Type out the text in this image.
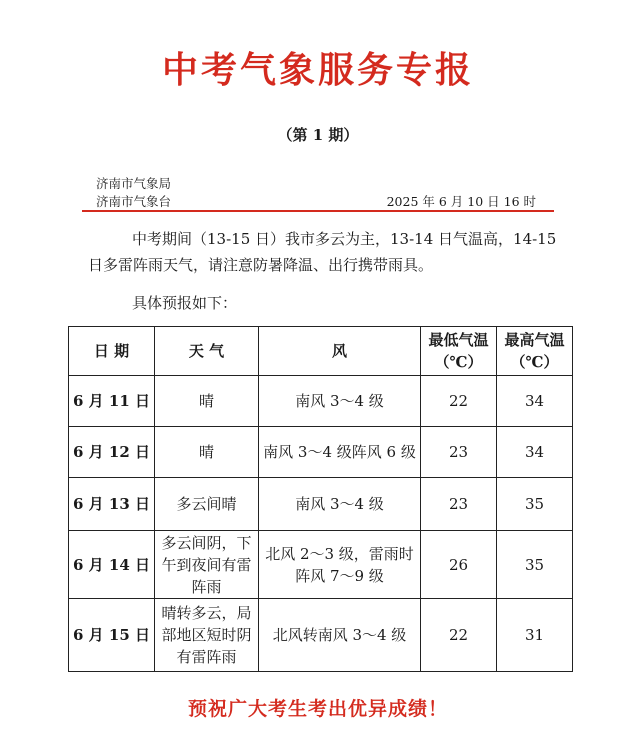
中考气象服务专报
（第 1 期）
济南市气象局
济南市气象台	2025 年 6 月 10 日 16 时

中考期间（13-15 日）我市多云为主，13-14 日气温高，14-15 日多雷阵雨天气，请注意防暑降温、出行携带雨具。

具体预报如下：

日 期	天 气	风	最低气温（℃）	最高气温（℃）
6 月 11 日	晴	南风 3～4 级	22	34
6 月 12 日	晴	南风 3～4 级阵风 6 级	23	34
6 月 13 日	多云间晴	南风 3～4 级	23	35
6 月 14 日	多云间阴，下午到夜间有雷阵雨	北风 2～3 级，雷雨时阵风 7～9 级	26	35
6 月 15 日	晴转多云，局部地区短时阴有雷阵雨	北风转南风 3～4 级	22	31
预祝广大考生考出优异成绩！
